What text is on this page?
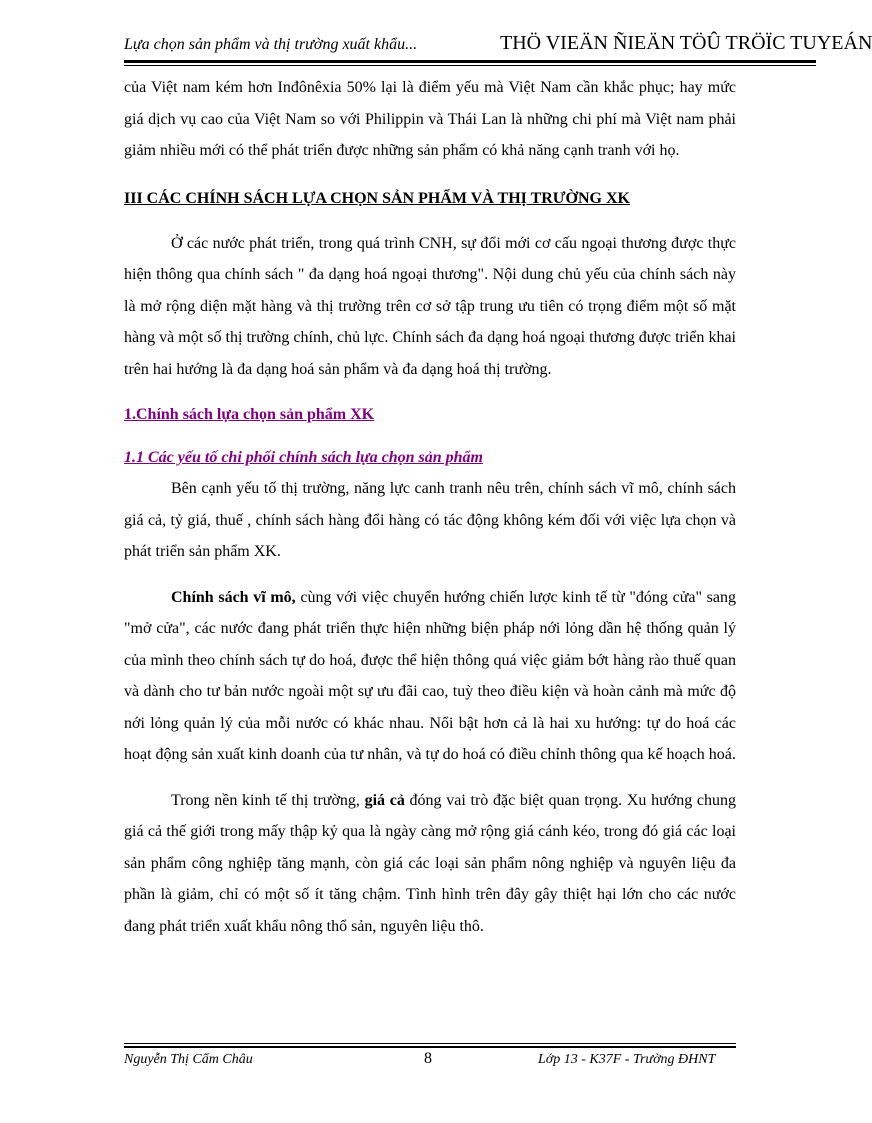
Lựa chọn sản phẩm và thị trường xuất khẩu...	THÖ VIEÄN ÑIEÄN TÖÛ TRÖÏC TUYEÁN

của Việt nam kém hơn Inđônêxia 50% lại là điểm yếu mà Việt Nam cần khắc phục; hay mức giá dịch vụ cao của Việt Nam so với Philippin và Thái Lan là những chi phí mà Việt nam phải giảm nhiều mới có thể phát triển được những sản phẩm có khả năng cạnh tranh với họ.

III CÁC CHÍNH SÁCH LỰA CHỌN SẢN PHẨM VÀ THỊ TRƯỜNG XK

Ở các nước phát triển, trong quá trình CNH, sự đổi mới cơ cấu ngoại thương được thực hiện thông qua chính sách " đa dạng hoá ngoại thương". Nội dung chủ yếu của chính sách này là mở rộng diện mặt hàng và thị trường trên cơ sở tập trung ưu tiên có trọng điểm một số mặt hàng và một số thị trường chính, chủ lực. Chính sách đa dạng hoá ngoại thương được triển khai trên hai hướng là đa dạng hoá sản phẩm và đa dạng hoá thị trường.

1.Chính sách lựa chọn sản phẩm XK

1.1 Các yếu tố chi phối chính sách lựa chọn sản phẩm

Bên cạnh yếu tố thị trường, năng lực canh tranh nêu trên, chính sách vĩ mô, chính sách giá cả, tỷ giá, thuế , chính sách hàng đổi hàng có tác động không kém đối với việc lựa chọn và phát triển sản phẩm XK.

Chính sách vĩ mô, cùng với việc chuyển hướng chiến lược kinh tế từ "đóng cửa" sang "mở cửa", các nước đang phát triển thực hiện những biện pháp nới lỏng dần hệ thống quản lý của mình theo chính sách tự do hoá, được thể hiện thông quá việc giảm bớt hàng rào thuế quan và dành cho tư bản nước ngoài một sự ưu đãi cao, tuỳ theo điều kiện và hoàn cảnh mà mức độ nới lỏng quản lý của mỗi nước có khác nhau. Nổi bật hơn cả là hai xu hướng: tự do hoá các hoạt động sản xuất kinh doanh của tư nhân, và tự do hoá có điều chỉnh thông qua kế hoạch hoá.

Trong nền kinh tế thị trường, giá cả đóng vai trò đặc biệt quan trọng. Xu hướng chung giá cả thế giới trong mấy thập kỷ qua là ngày càng mở rộng giá cánh kéo, trong đó giá các loại sản phẩm công nghiệp tăng mạnh, còn giá các loại sản phẩm nông nghiệp và nguyên liệu đa phần là giảm, chỉ có một số ít tăng chậm. Tình hình trên đây gây thiệt hại lớn cho các nước đang phát triển xuất khẩu nông thổ sản, nguyên liệu thô.

Nguyễn Thị Cẩm Châu	8	Lớp 13 - K37F - Trường ĐHNT
